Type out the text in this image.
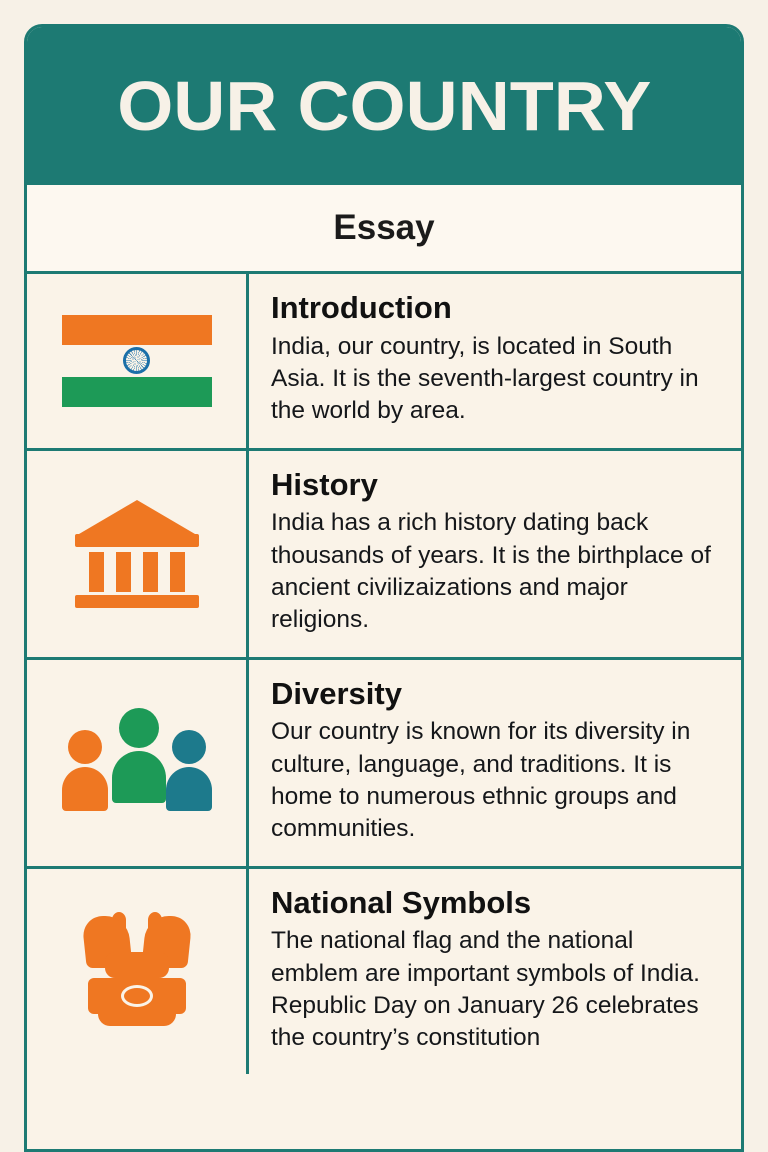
OUR COUNTRY
Essay
Introduction

India, our country, is located in South Asia. It is the seventh-largest country in the world by area.

History

India has a rich history dating back thousands of years. It is the birthplace of ancient civilizaizations and major religions.

Diversity

Our country is known for its diversity in culture, language, and traditions. It is home to numerous ethnic groups and communities.

National Symbols

The national flag and the national emblem are important symbols of India. Republic Day on January 26 celebrates the country’s constitution
